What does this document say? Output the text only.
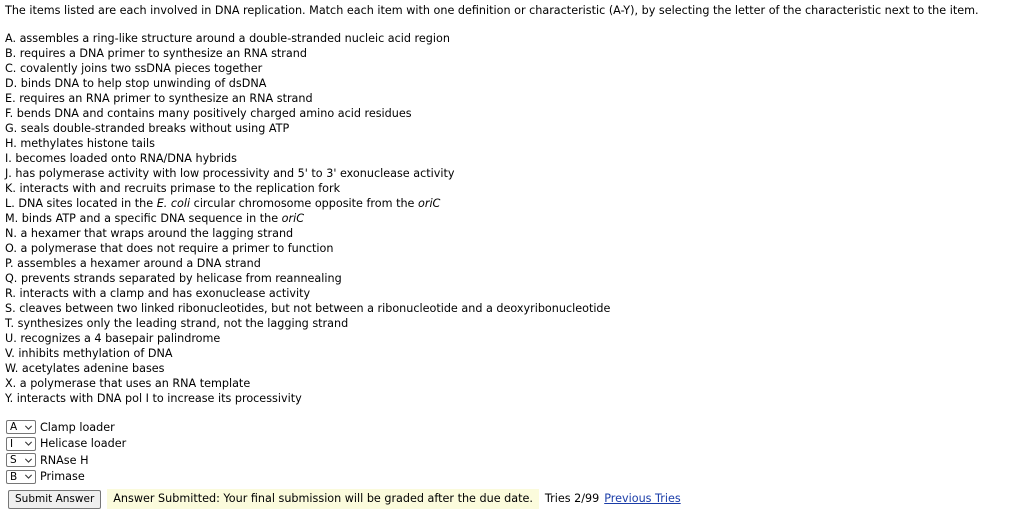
The items listed are each involved in DNA replication. Match each item with one definition or characteristic (A-Y), by selecting the letter of the characteristic next to the item.
A. assembles a ring-like structure around a double-stranded nucleic acid region
B. requires a DNA primer to synthesize an RNA strand
C. covalently joins two ssDNA pieces together
D. binds DNA to help stop unwinding of dsDNA
E. requires an RNA primer to synthesize an RNA strand
F. bends DNA and contains many positively charged amino acid residues
G. seals double-stranded breaks without using ATP
H. methylates histone tails
I. becomes loaded onto RNA/DNA hybrids
J. has polymerase activity with low processivity and 5' to 3' exonuclease activity
K. interacts with and recruits primase to the replication fork
L. DNA sites located in the E. coli circular chromosome opposite from the oriC
M. binds ATP and a specific DNA sequence in the oriC
N. a hexamer that wraps around the lagging strand
O. a polymerase that does not require a primer to function
P. assembles a hexamer around a DNA strand
Q. prevents strands separated by helicase from reannealing
R. interacts with a clamp and has exonuclease activity
S. cleaves between two linked ribonucleotides, but not between a ribonucleotide and a deoxyribonucleotide
T. synthesizes only the leading strand, not the lagging strand
U. recognizes a 4 basepair palindrome
V. inhibits methylation of DNA
W. acetylates adenine bases
X. a polymerase that uses an RNA template
Y. interacts with DNA pol I to increase its processivity
A Clamp loader
I Helicase loader
S RNAse H
B Primase
Submit Answer	Answer Submitted: Your final submission will be graded after the due date.	Tries 2/99 Previous Tries
